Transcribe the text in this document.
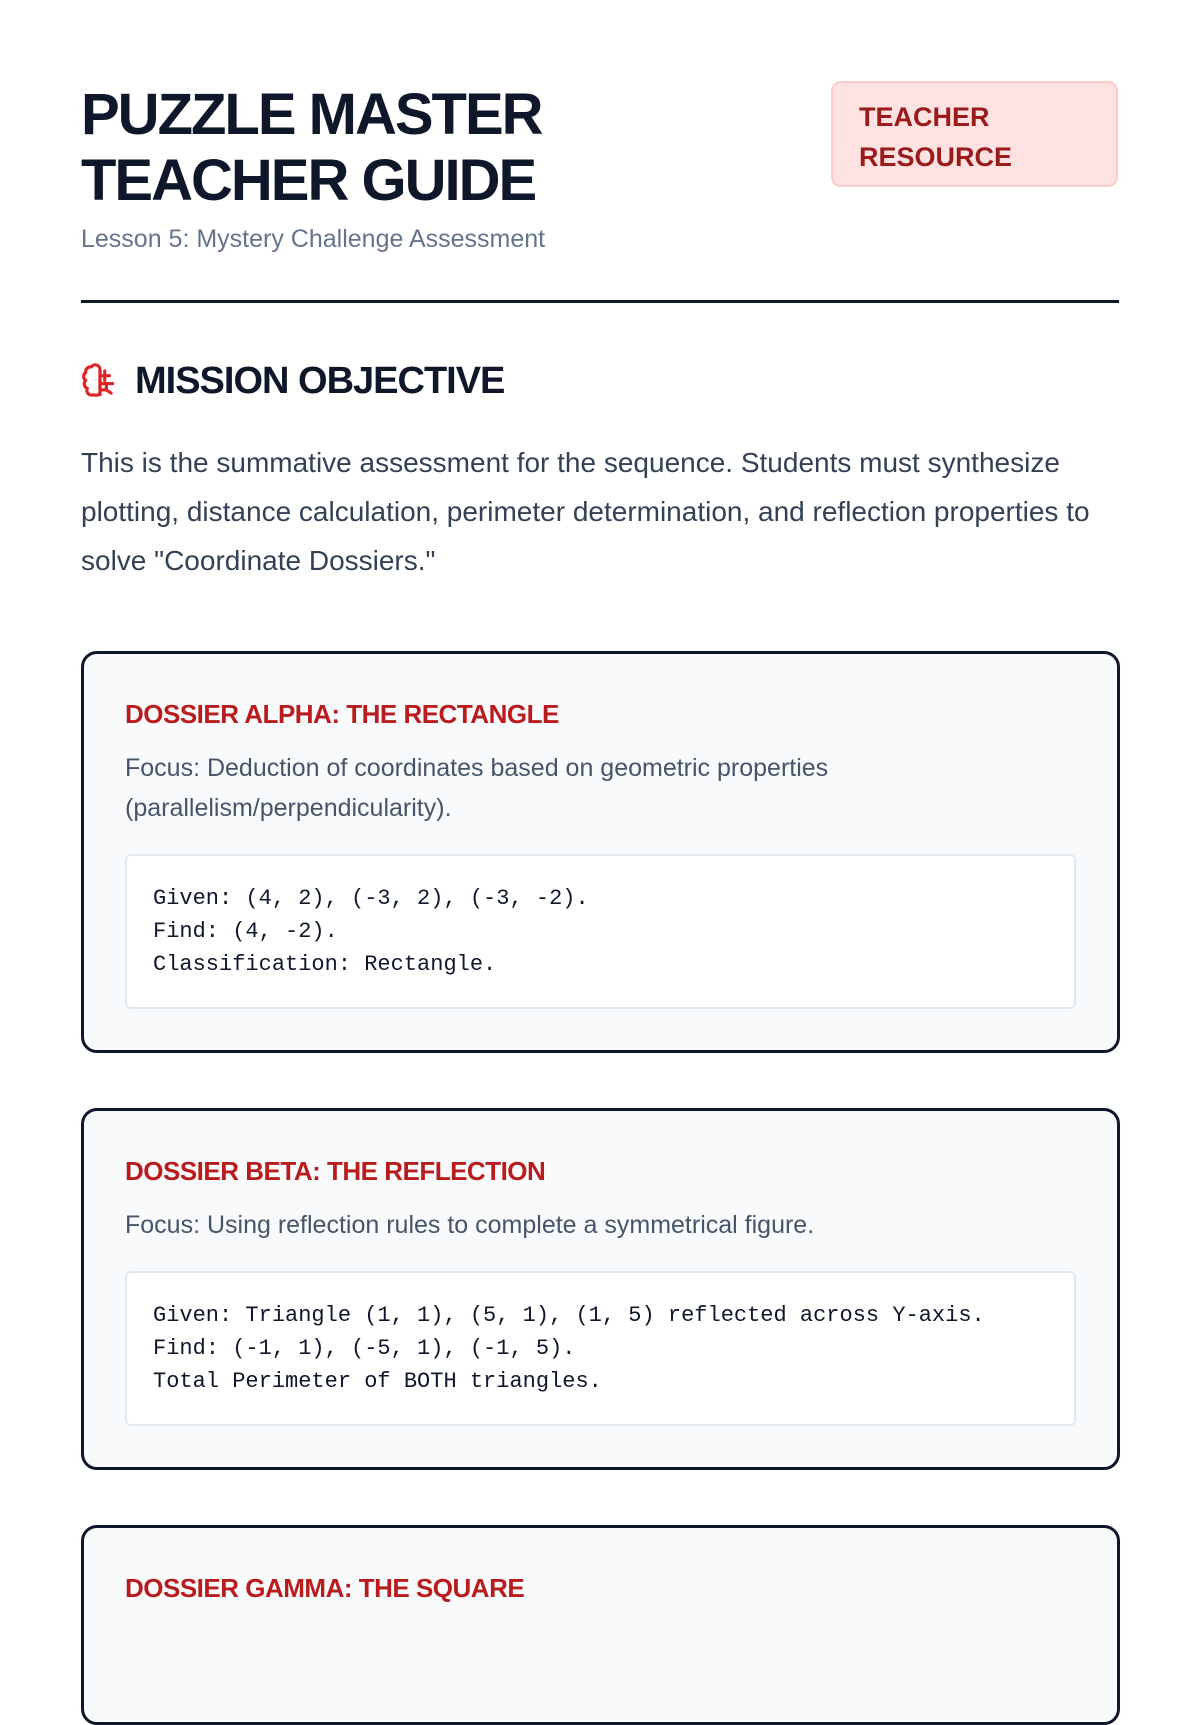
PUZZLE MASTER TEACHER GUIDE
TEACHER RESOURCE
Lesson 5: Mystery Challenge Assessment
MISSION OBJECTIVE

This is the summative assessment for the sequence. Students must synthesize plotting, distance calculation, perimeter determination, and reflection properties to solve "Coordinate Dossiers."

DOSSIER ALPHA: THE RECTANGLE

Focus: Deduction of coordinates based on geometric properties (parallelism/perpendicularity).

Given: (4, 2), (-3, 2), (-3, -2).
Find: (4, -2).
Classification: Rectangle.
DOSSIER BETA: THE REFLECTION

Focus: Using reflection rules to complete a symmetrical figure.

Given: Triangle (1, 1), (5, 1), (1, 5) reflected across Y-axis.
Find: (-1, 1), (-5, 1), (-1, 5).
Total Perimeter of BOTH triangles.
DOSSIER GAMMA: THE SQUARE
